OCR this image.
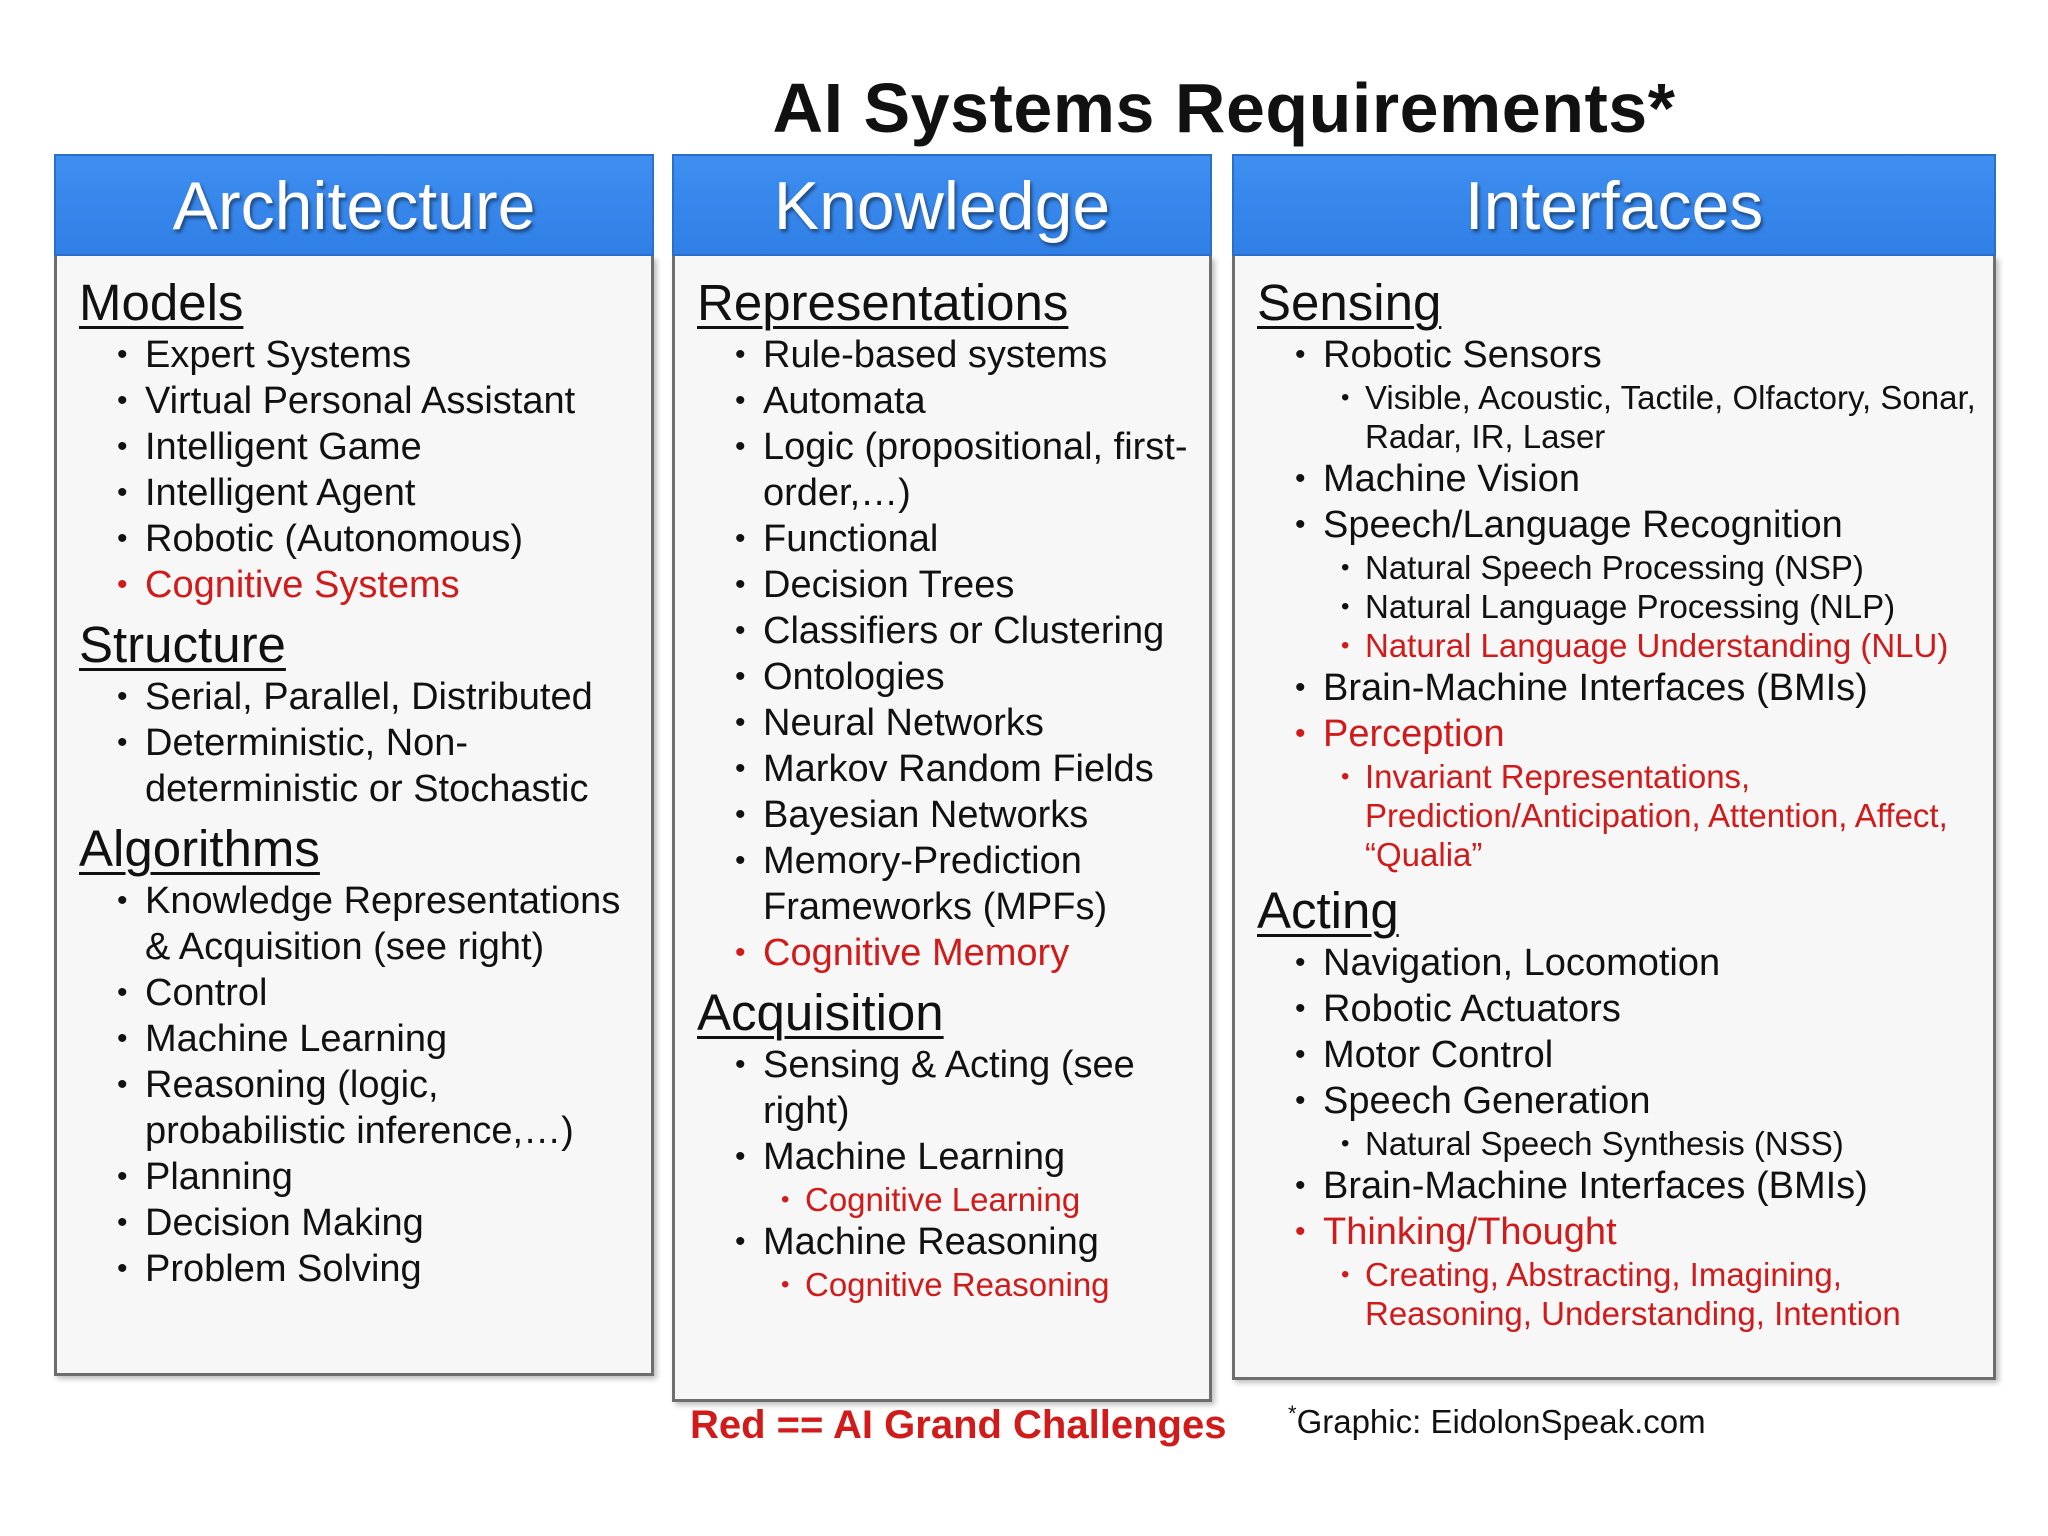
AI Systems Requirements*
Architecture
Models
• Expert Systems
• Virtual Personal Assistant
• Intelligent Game
• Intelligent Agent
• Robotic (Autonomous)
• Cognitive Systems
Structure
• Serial, Parallel, Distributed
• Deterministic, Non-deterministic or Stochastic
Algorithms
• Knowledge Representations & Acquisition (see right)
• Control
• Machine Learning
• Reasoning (logic, probabilistic inference,…)
• Planning
• Decision Making
• Problem Solving
Knowledge
Representations
• Rule-based systems
• Automata
• Logic (propositional, first-order,…)
• Functional
• Decision Trees
• Classifiers or Clustering
• Ontologies
• Neural Networks
• Markov Random Fields
• Bayesian Networks
• Memory-Prediction Frameworks (MPFs)
• Cognitive Memory
Acquisition
• Sensing & Acting (see right)
• Machine Learning
• Cognitive Learning
• Machine Reasoning
• Cognitive Reasoning
Interfaces
Sensing
• Robotic Sensors
• Visible, Acoustic, Tactile, Olfactory, Sonar, Radar, IR, Laser
• Machine Vision
• Speech/Language Recognition
• Natural Speech Processing (NSP)
• Natural Language Processing (NLP)
• Natural Language Understanding (NLU)
• Brain-Machine Interfaces (BMIs)
• Perception
• Invariant Representations, Prediction/Anticipation, Attention, Affect, “Qualia”
Acting
• Navigation, Locomotion
• Robotic Actuators
• Motor Control
• Speech Generation
• Natural Speech Synthesis (NSS)
• Brain-Machine Interfaces (BMIs)
• Thinking/Thought
• Creating, Abstracting, Imagining, Reasoning, Understanding, Intention
Red == AI Grand Challenges	*Graphic: EidolonSpeak.com
